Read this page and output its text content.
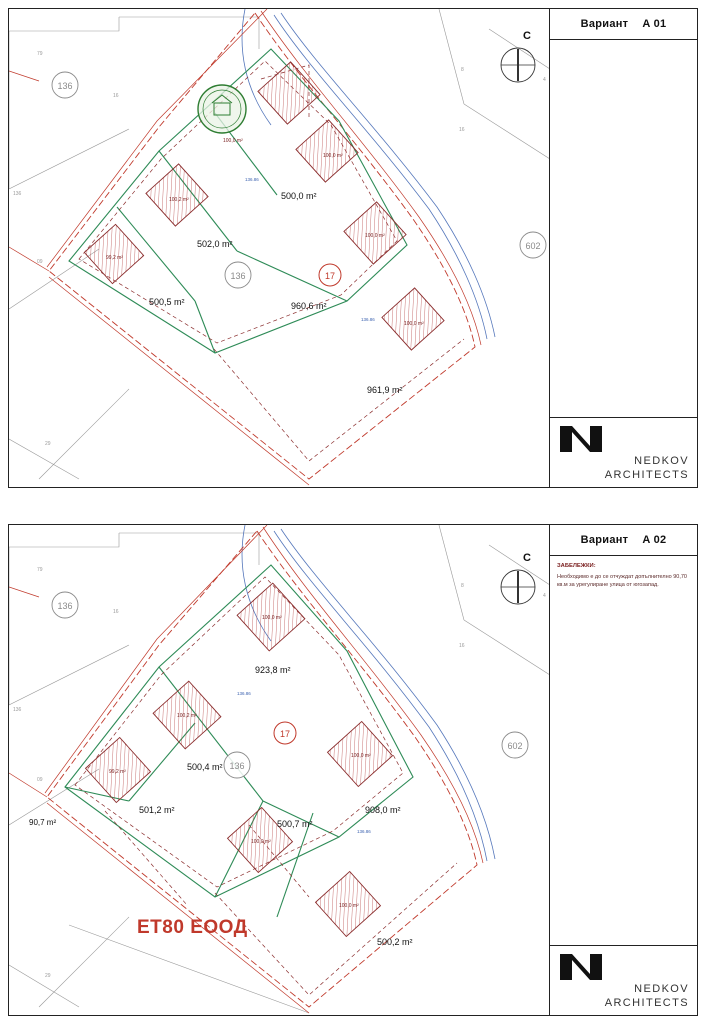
500,0 m²
502,0 m²
500,5 m²	960,6 m²
961,9 m²
100,0 m²
100,0 m²
100,2 m²
99,2 m²
100,0 m²
100,0 m²
136.86
136.86
136
136	17
602
79
16
136
09
29
8
4
16
C
Вариант A 01
NEDKOV
ARCHITECTS
923,8 m²
500,4 m²
501,2 m²
500,7 m²
908,0 m²
500,2 m²
90,7 m²
100,0 m²
100,2 m²
99,2 m²
100,0 m²
100,0 m²
100,0 m²
136.86
136.86
136
136
17
602
79
16
136
09
29
8
4
16
C
ET80 ЕООД
Вариант A 02
ЗАБЕЛЕЖКИ:
Необходимо е до се отчуждат допълнително 90,70 кв.м за урегулиране улица от югозапад.
NEDKOV
ARCHITECTS
